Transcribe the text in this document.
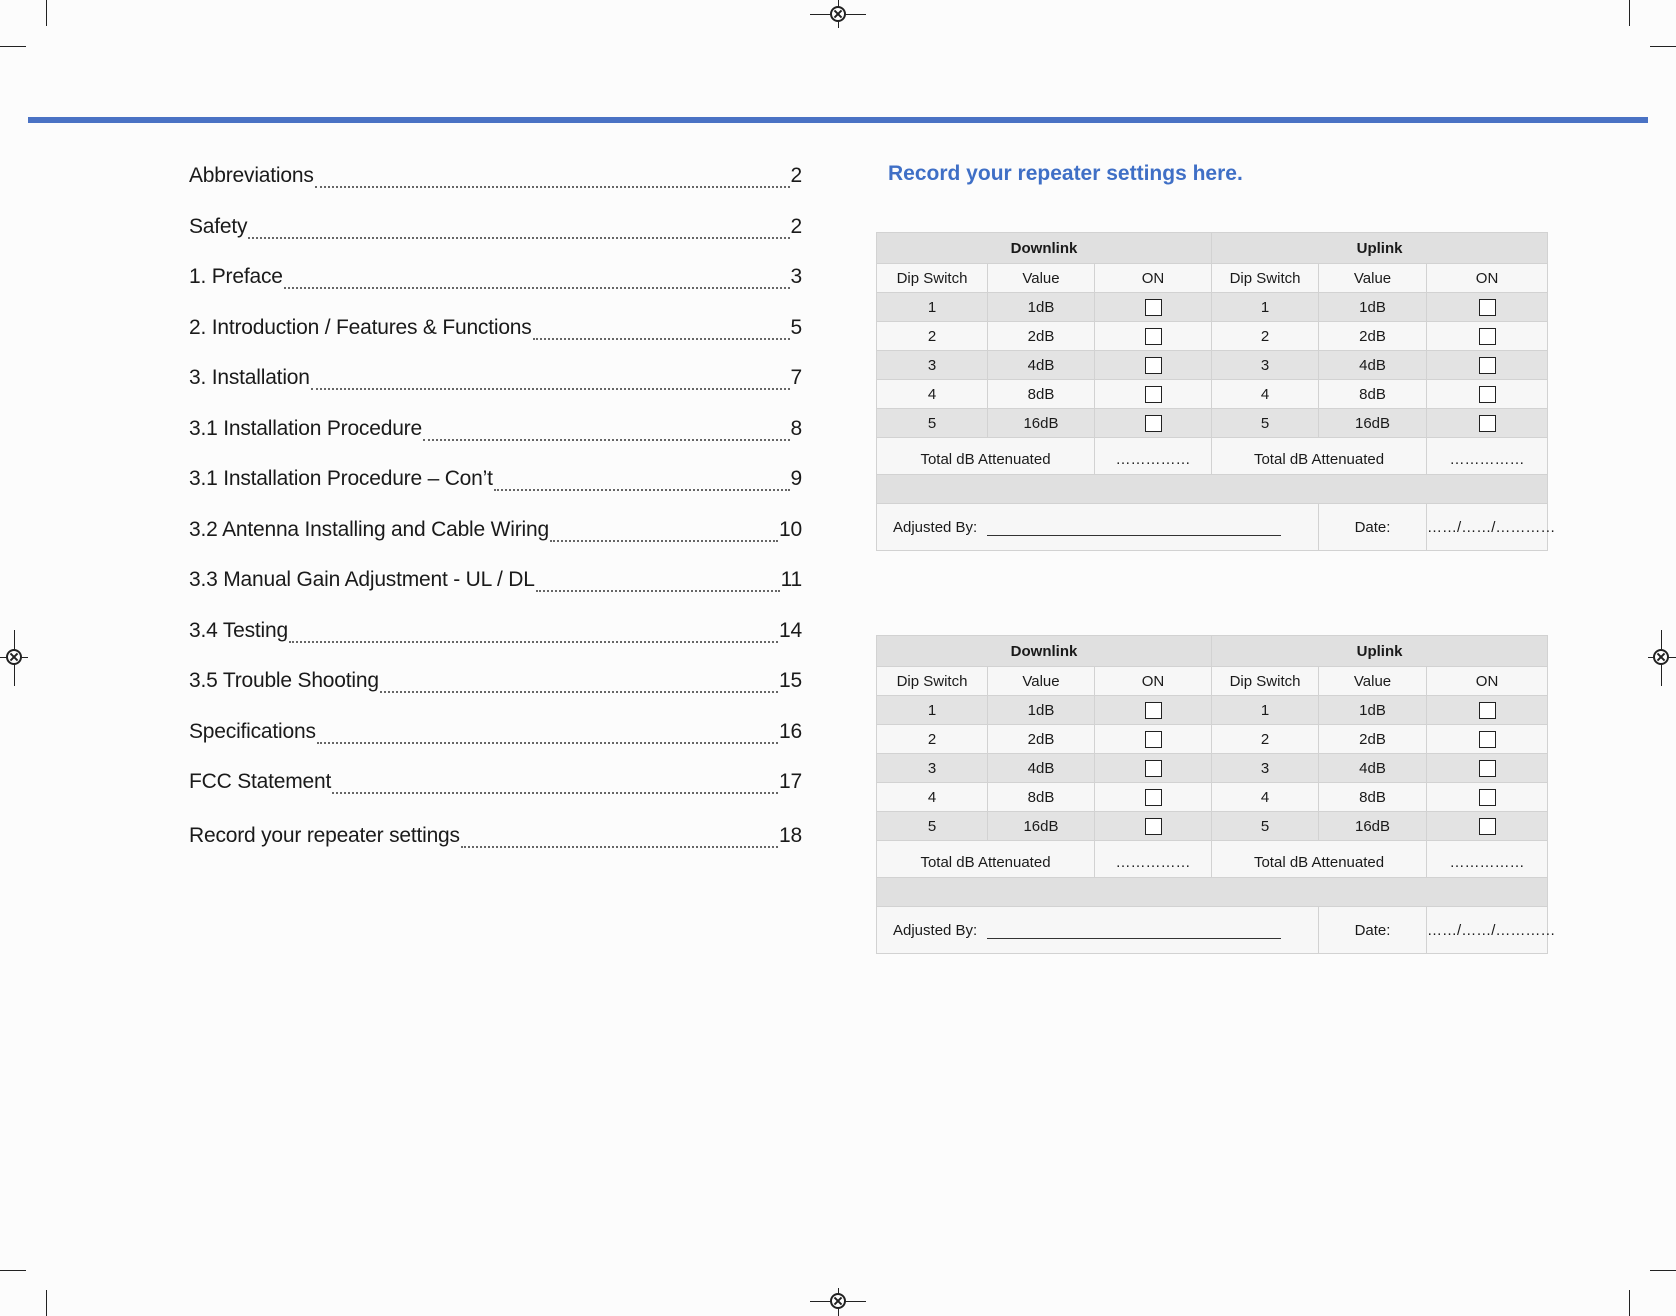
Abbreviations	2
Safety	2
1. Preface	3
2. Introduction / Features & Functions	5
3. Installation	7
3.1 Installation Procedure	8
3.1 Installation Procedure – Con’t	9
3.2 Antenna Installing and Cable Wiring	10
3.3 Manual Gain Adjustment - UL / DL	11
3.4 Testing	14
3.5 Trouble Shooting	15
Specifications	16
FCC Statement	17
Record your repeater settings	18
Record your repeater settings here.
Downlink			Uplink		
Dip Switch	Value	ON	Dip Switch	Value	ON
1	1dB		1	1dB	
2	2dB		2	2dB	
3	4dB		3	4dB	
4	8dB		4	8dB	
5	16dB		5	16dB	
Total dB Attenuated		……………	Total dB Attenuated		……………

Adjusted By:				Date:	……/……/…………
Downlink			Uplink		
Dip Switch	Value	ON	Dip Switch	Value	ON
1	1dB		1	1dB	
2	2dB		2	2dB	
3	4dB		3	4dB	
4	8dB		4	8dB	
5	16dB		5	16dB	
Total dB Attenuated		……………	Total dB Attenuated		……………

Adjusted By:				Date:	……/……/…………
